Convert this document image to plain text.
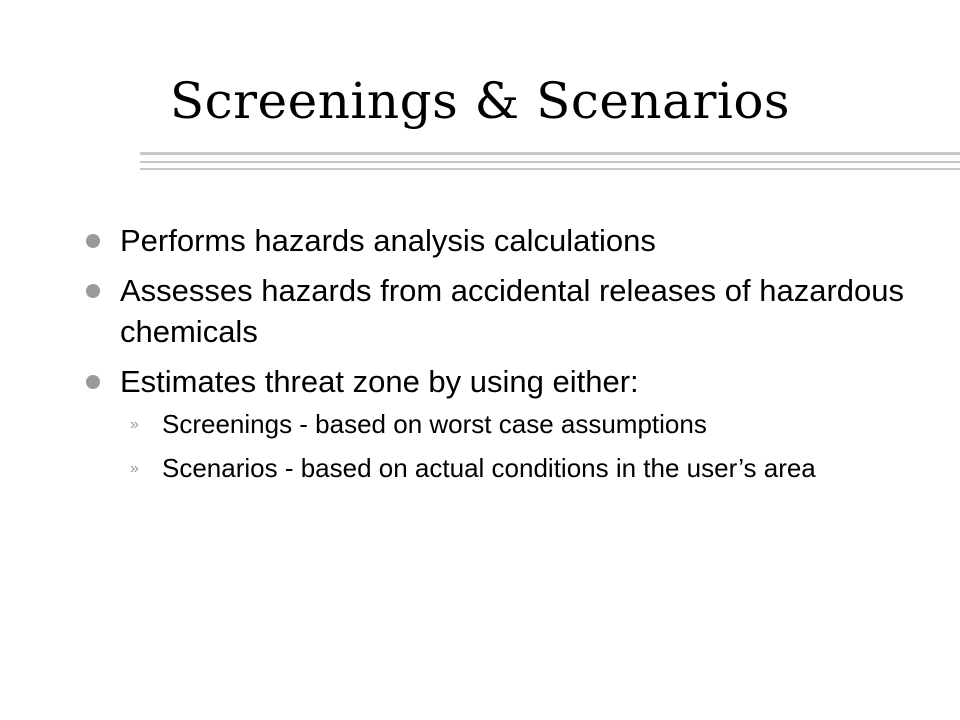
Screenings & Scenarios
Performs hazards analysis calculations
Assesses hazards from accidental releases of hazardous chemicals
Estimates threat zone by using either:
» Screenings - based on worst case assumptions
» Scenarios - based on actual conditions in the user’s area
